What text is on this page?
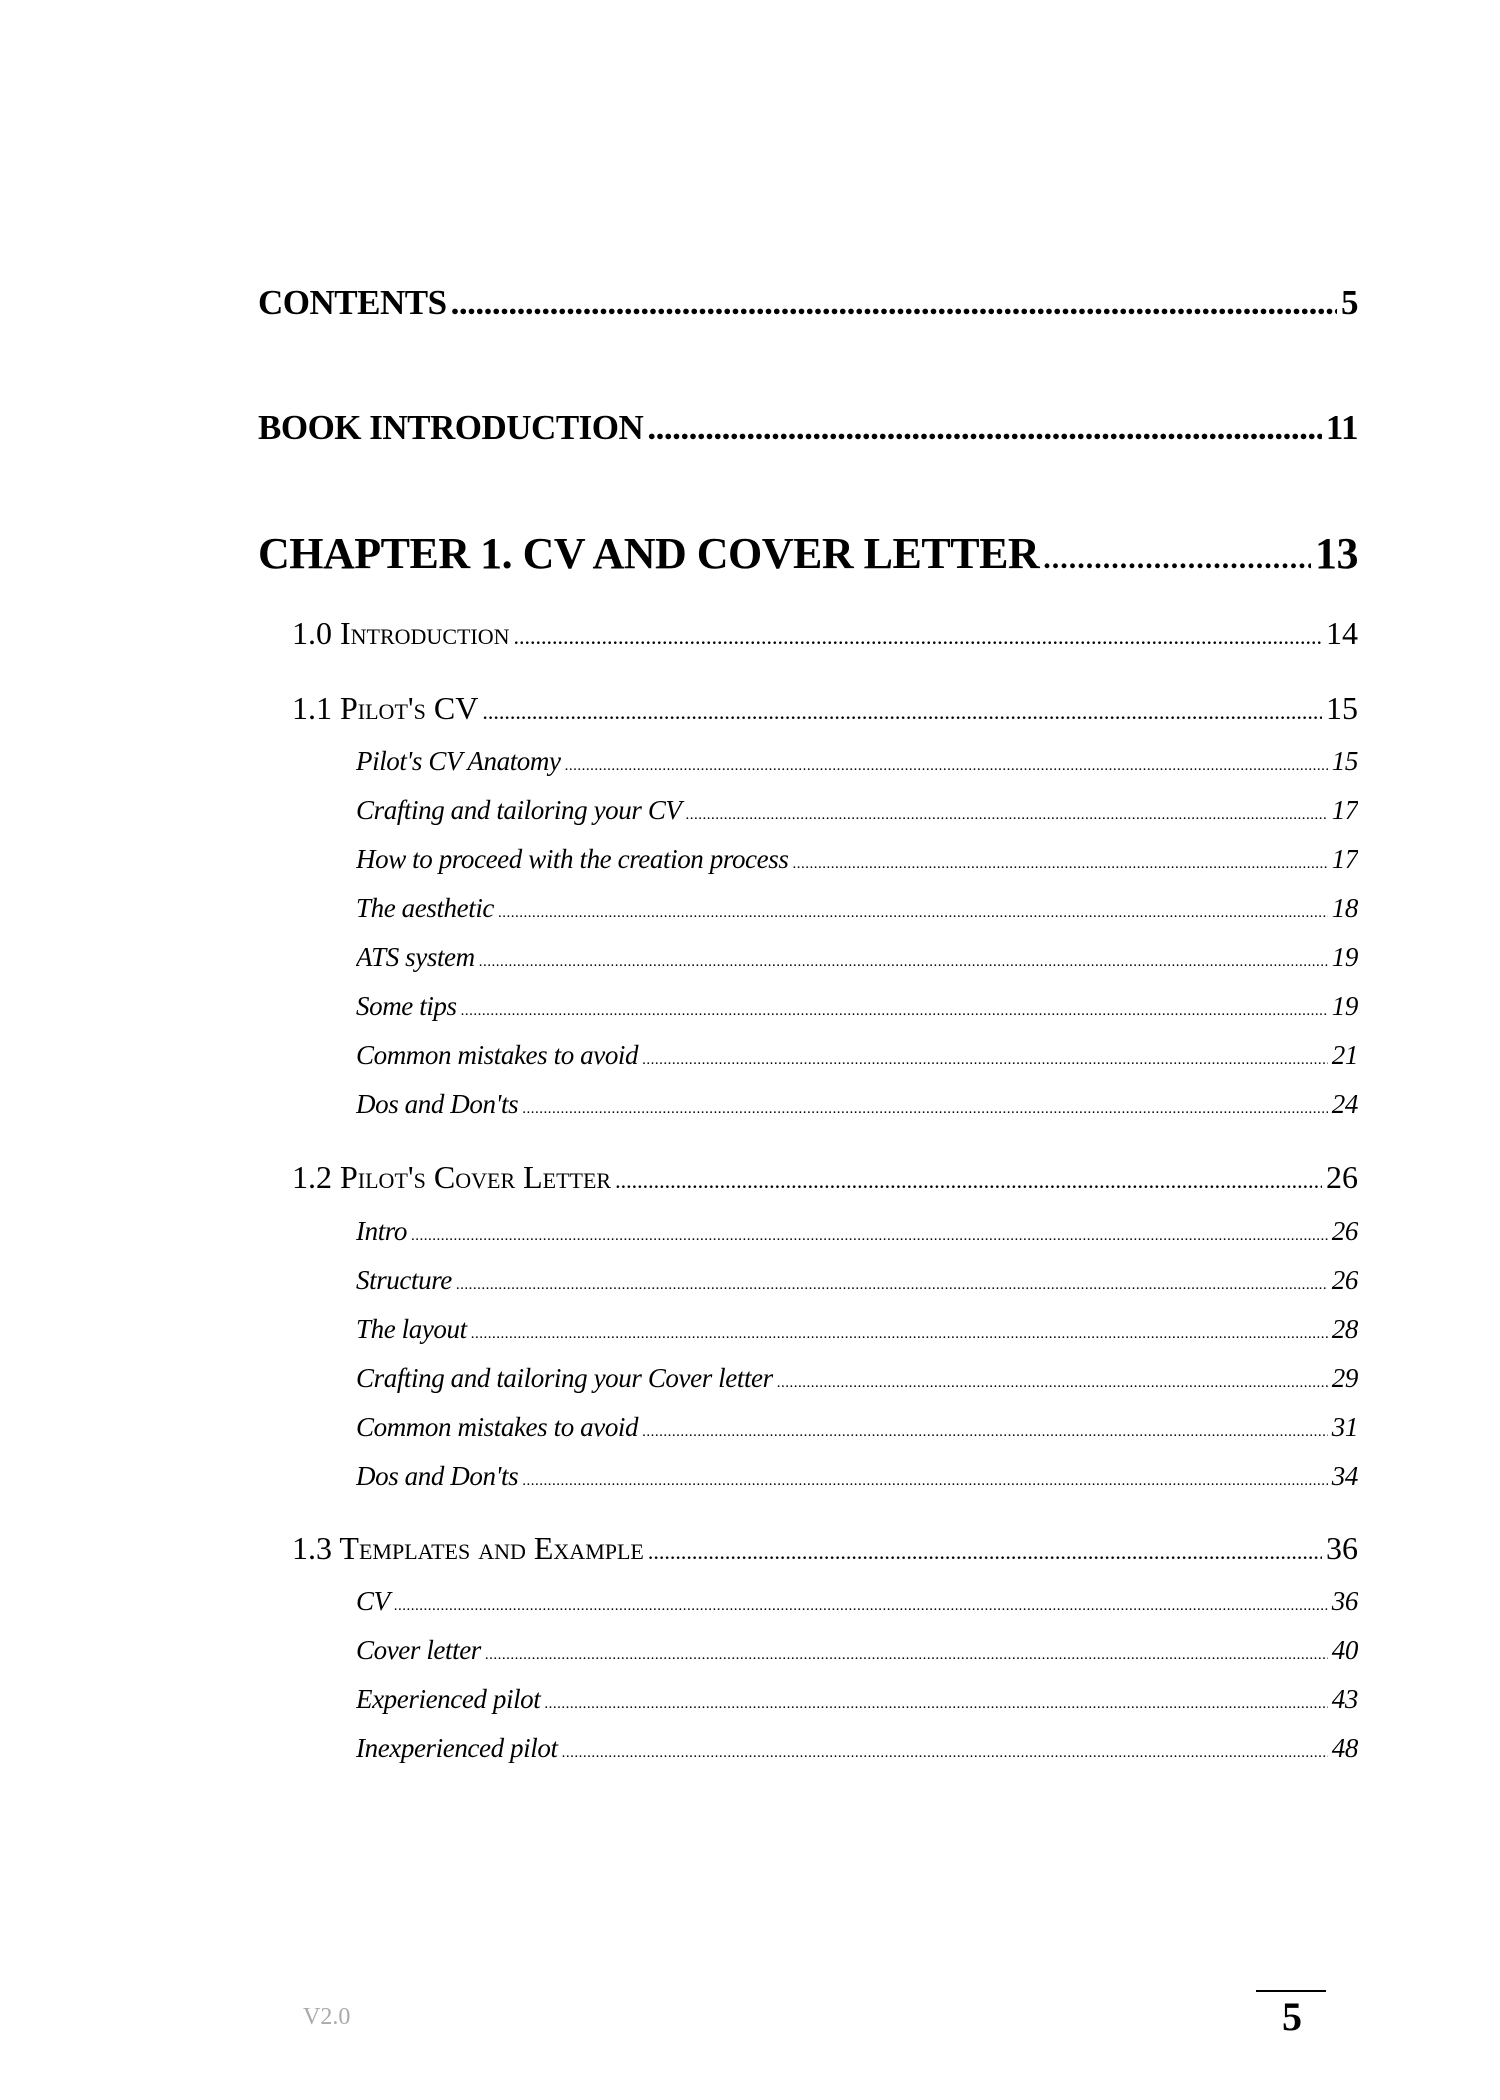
CONTENTS .....	5
BOOK INTRODUCTION .....	11
CHAPTER 1. CV AND COVER LETTER .....	13
1.0 Introduction .....	14
1.1 Pilot's CV .....	15
Pilot's CV Anatomy .....	15
Crafting and tailoring your CV .....	17
How to proceed with the creation process .....	17
The aesthetic .....	18
ATS system .....	19
Some tips .....	19
Common mistakes to avoid .....	21
Dos and Don'ts .....	24
1.2 Pilot's Cover Letter .....	26
Intro .....	26
Structure .....	26
The layout .....	28
Crafting and tailoring your Cover letter .....	29
Common mistakes to avoid .....	31
Dos and Don'ts .....	34
1.3 Templates and Example .....	36
CV .....	36
Cover letter .....	40
Experienced pilot .....	43
Inexperienced pilot .....	48
V2.0	5
